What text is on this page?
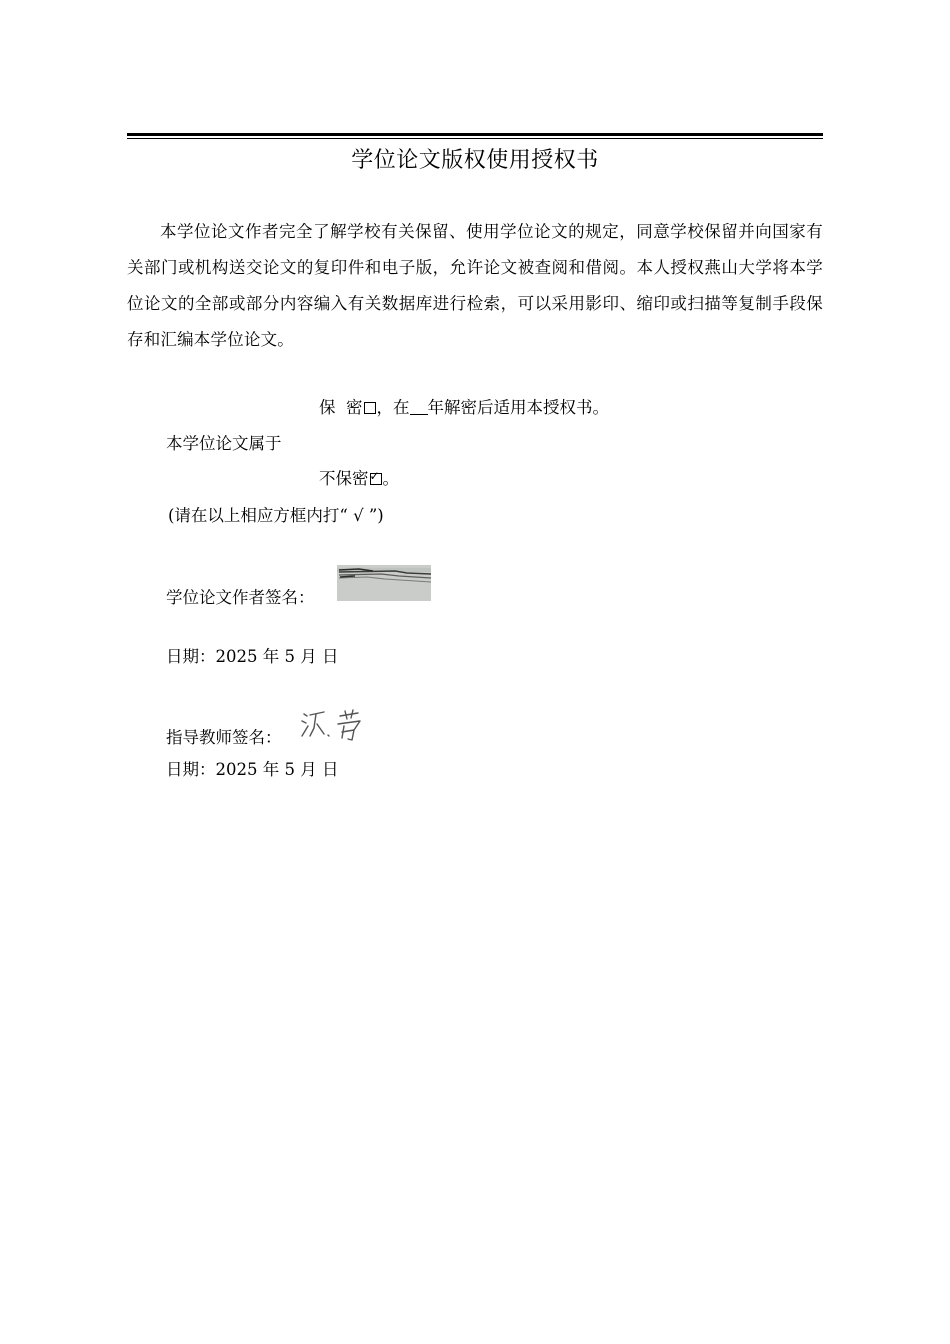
学位论文版权使用授权书
本学位论文作者完全了解学校有关保留、使用学位论文的规定，同意学校保留并向国家有关部门或机构送交论文的复印件和电子版，允许论文被查阅和借阅。本人授权燕山大学将本学位论文的全部或部分内容编入有关数据库进行检索，可以采用影印、缩印或扫描等复制手段保存和汇编本学位论文。
保  密 ，在 年解密后适用本授权书。
本学位论文属于
不保密 ✓ 。
(请在以上相应方框内打“ √ ”)
学位论文作者签名：
日期：2025 年 5 月 日
指导教师签名：
日期：2025 年 5 月 日
